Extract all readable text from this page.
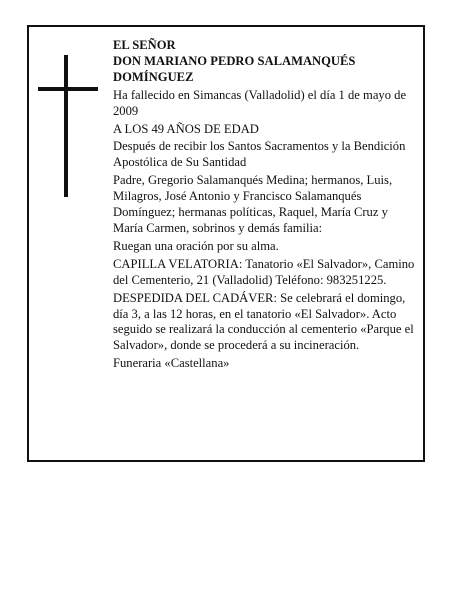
EL SEÑOR
DON MARIANO PEDRO SALAMANQUÉS
DOMÍNGUEZ

Ha fallecido en Simancas (Valladolid) el día 1 de mayo de 2009

A LOS 49 AÑOS DE EDAD

Después de recibir los Santos Sacramentos y la Bendición Apostólica de Su Santidad

Padre, Gregorio Salamanqués Medina; hermanos, Luis, Milagros, José Antonio y Francisco Salamanqués Domínguez; hermanas políticas, Raquel, María Cruz y María Carmen, sobrinos y demás familia:

Ruegan una oración por su alma.

CAPILLA VELATORIA: Tanatorio «El Salvador», Camino del Cementerio, 21 (Valladolid) Teléfono: 983251225.

DESPEDIDA DEL CADÁVER: Se celebrará el domingo, día 3, a las 12 horas, en el tanatorio «El Salvador». Acto seguido se realizará la conducción al cementerio «Parque el Salvador», donde se procederá a su incineración.

Funeraria «Castellana»
